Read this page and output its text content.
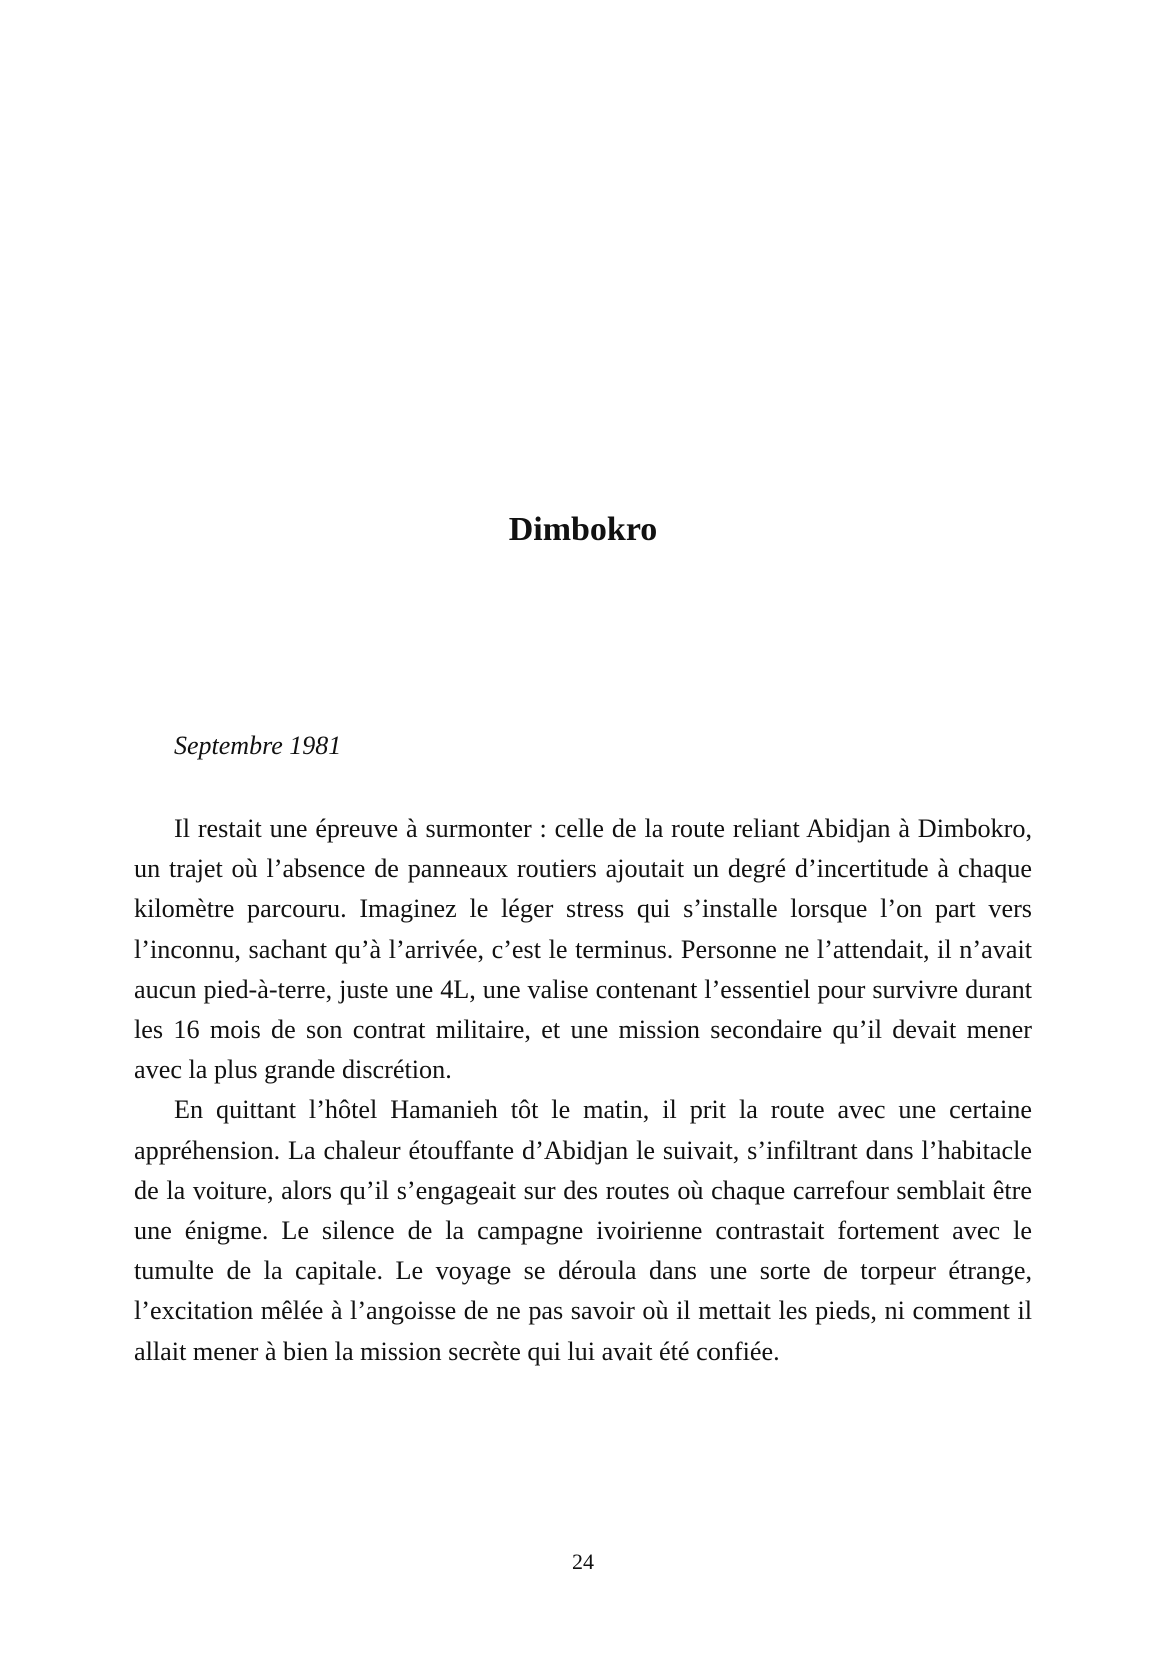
Dimbokro

Septembre 1981

Il restait une épreuve à surmonter : celle de la route reliant Abidjan à Dimbokro, un trajet où l’absence de panneaux routiers ajoutait un degré d’incertitude à chaque kilomètre parcouru. Imaginez le léger stress qui s’installe lorsque l’on part vers l’inconnu, sachant qu’à l’arrivée, c’est le terminus. Personne ne l’attendait, il n’avait aucun pied-à-terre, juste une 4L, une valise contenant l’essentiel pour survivre durant les 16 mois de son contrat militaire, et une mission secondaire qu’il devait mener avec la plus grande discrétion.

En quittant l’hôtel Hamanieh tôt le matin, il prit la route avec une certaine appréhension. La chaleur étouffante d’Abidjan le suivait, s’infiltrant dans l’habitacle de la voiture, alors qu’il s’engageait sur des routes où chaque carrefour semblait être une énigme. Le silence de la campagne ivoirienne contrastait fortement avec le tumulte de la capitale. Le voyage se déroula dans une sorte de torpeur étrange, l’excitation mêlée à l’angoisse de ne pas savoir où il mettait les pieds, ni comment il allait mener à bien la mission secrète qui lui avait été confiée.

24
